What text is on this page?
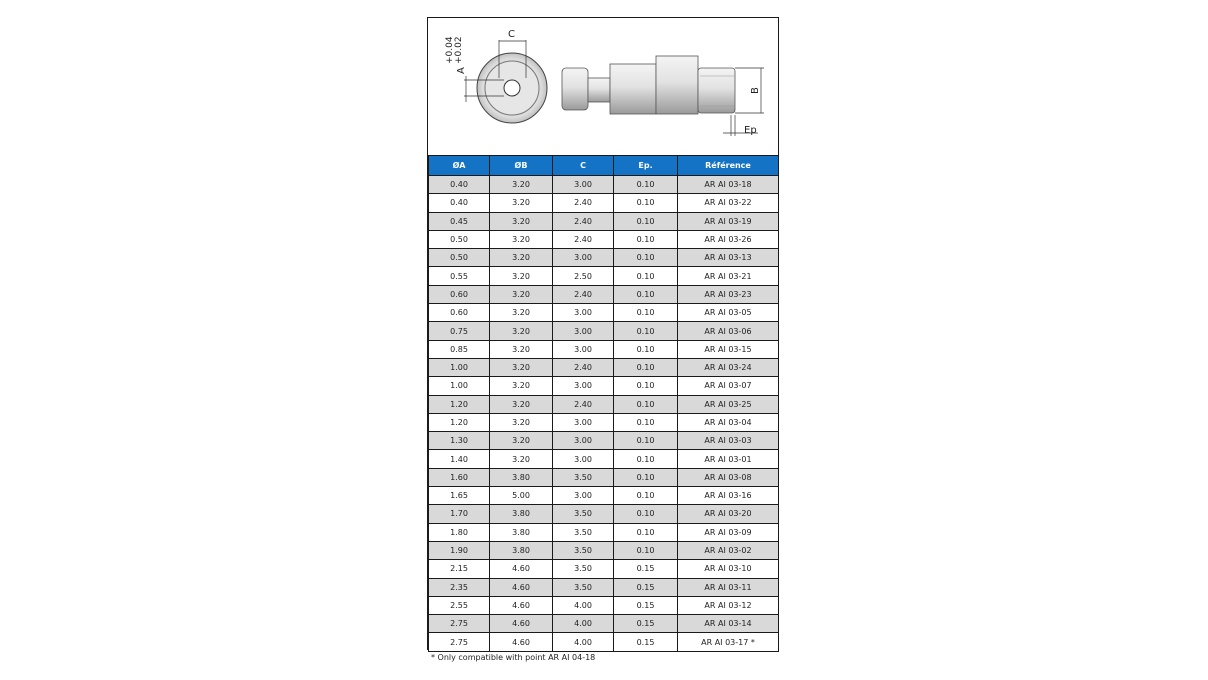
C
A
+0.04 +0.02
B
Ep
ØA	ØB	C	Ep.	Référence
0.40	3.20	3.00	0.10	AR AI 03-18
0.40	3.20	2.40	0.10	AR AI 03-22
0.45	3.20	2.40	0.10	AR AI 03-19
0.50	3.20	2.40	0.10	AR AI 03-26
0.50	3.20	3.00	0.10	AR AI 03-13
0.55	3.20	2.50	0.10	AR AI 03-21
0.60	3.20	2.40	0.10	AR AI 03-23
0.60	3.20	3.00	0.10	AR AI 03-05
0.75	3.20	3.00	0.10	AR AI 03-06
0.85	3.20	3.00	0.10	AR AI 03-15
1.00	3.20	2.40	0.10	AR AI 03-24
1.00	3.20	3.00	0.10	AR AI 03-07
1.20	3.20	2.40	0.10	AR AI 03-25
1.20	3.20	3.00	0.10	AR AI 03-04
1.30	3.20	3.00	0.10	AR AI 03-03
1.40	3.20	3.00	0.10	AR AI 03-01
1.60	3.80	3.50	0.10	AR AI 03-08
1.65	5.00	3.00	0.10	AR AI 03-16
1.70	3.80	3.50	0.10	AR AI 03-20
1.80	3.80	3.50	0.10	AR AI 03-09
1.90	3.80	3.50	0.10	AR AI 03-02
2.15	4.60	3.50	0.15	AR AI 03-10
2.35	4.60	3.50	0.15	AR AI 03-11
2.55	4.60	4.00	0.15	AR AI 03-12
2.75	4.60	4.00	0.15	AR AI 03-14
2.75	4.60	4.00	0.15	AR AI 03-17 *
* Only compatible with point AR AI 04-18
